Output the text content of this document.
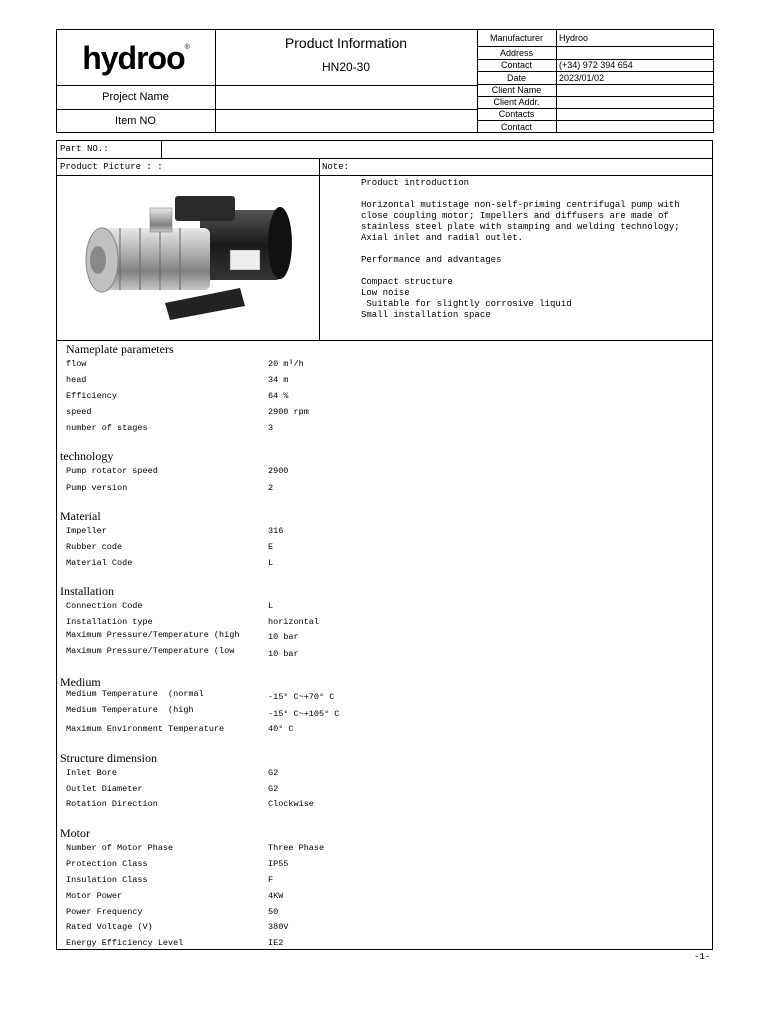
hydroo ®	Product Information
HN20-30
Project Name
Item NO
Manufacturer	Hydroo
Address
Contact	(+34) 972 394 654
Date	2023/01/02
Client Name
Client Addr.
Contacts
Contact
Part NO.:
Product Picture : :	Note:
Product introduction
Horizontal mutistage non-self-priming centrifugal pump with
close coupling motor; Impellers and diffusers are made of
stainless steel plate with stamping and welding technology;
Axial inlet and radial outlet.
Performance and advantages
Compact structure
Low noise
Suitable for slightly corrosive liquid
Small installation space
Nameplate parameters
flow	20 m³/h
head	34 m
Efficiency	64 %
speed	2900 rpm
number of stages	3
technology
Pump rotator speed	2900
Pump version	2
Material
Impeller	316
Rubber code	E
Material Code	L
Installation
Connection Code	L
Installation type	horizontal
Maximum Pressure/Temperature (high	10 bar
Maximum Pressure/Temperature (low	10 bar
Medium
Medium Temperature  (normal	-15° C~+70° C
Medium Temperature  (high	-15° C~+105° C
Maximum Environment Temperature	40° C
Structure dimension
Inlet Bore	G2
Outlet Diameter	G2
Rotation Direction	Clockwise
Motor
Number of Motor Phase	Three Phase
Protection Class	IP55
Insulation Class	F
Motor Power	4KW
Power Frequency	50
Rated Voltage (V)	380V
Energy Efficiency Level	IE2
-1-
